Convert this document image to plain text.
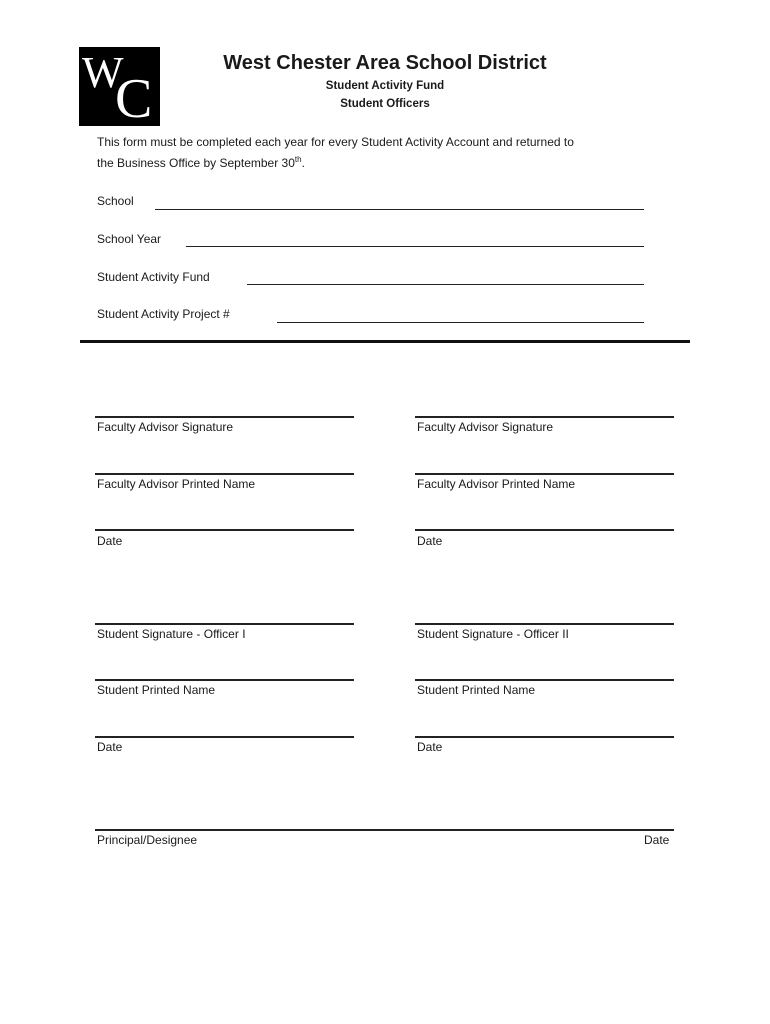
W
C
West Chester Area School District
Student Activity Fund
Student Officers
This form must be completed each year for every Student Activity Account and returned to
the Business Office by September 30th.
School
School Year
Student Activity Fund
Student Activity Project #
Faculty Advisor Signature	Faculty Advisor Signature
Faculty Advisor Printed Name	Faculty Advisor Printed Name
Date	Date
Student Signature - Officer I	Student Signature - Officer II
Student Printed Name	Student Printed Name
Date	Date
Principal/Designee	Date
